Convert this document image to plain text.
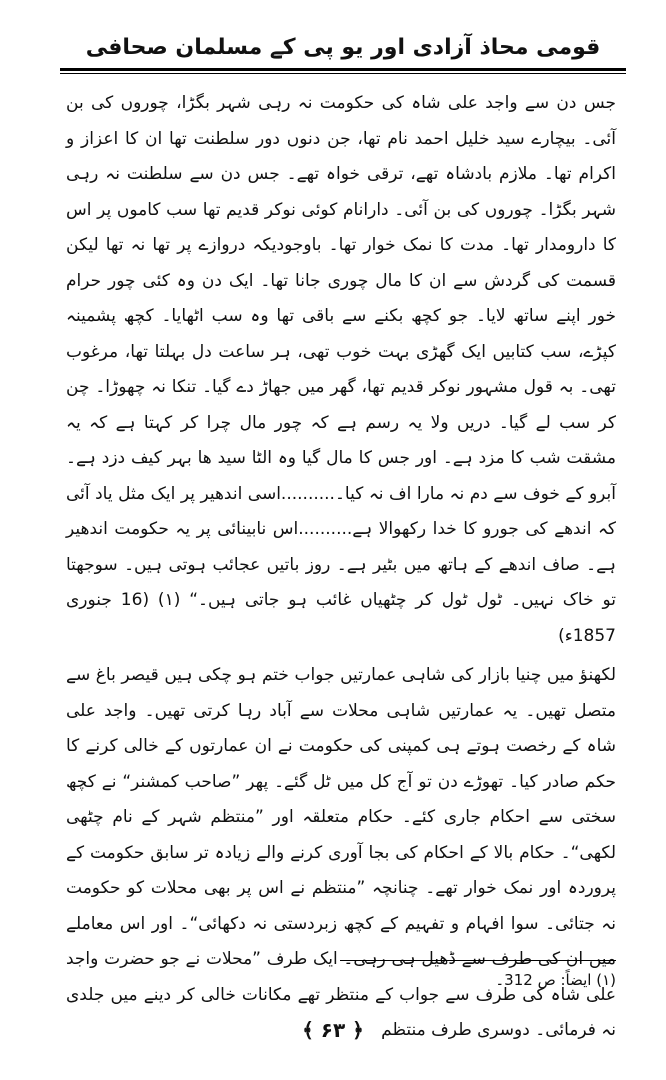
قومی محاذ آزادی اور یو پی کے مسلمان صحافی

جس دن سے واجد علی شاہ کی حکومت نہ رہی شہر بگڑا، چوروں کی بن آئی۔ بیچارے سید خلیل احمد نام تھا، جن دنوں دور سلطنت تھا ان کا اعزاز و اکرام تھا۔ ملازم بادشاہ تھے، ترقی خواہ تھے۔ جس دن سے سلطنت نہ رہی شہر بگڑا۔ چوروں کی بن آئی۔ دارانام کوئی نوکر قدیم تھا سب کاموں پر اس کا دارومدار تھا۔ مدت کا نمک خوار تھا۔ باوجودیکہ دروازے پر تھا نہ تھا لیکن قسمت کی گردش سے ان کا مال چوری جانا تھا۔ ایک دن وہ کئی چور حرام خور اپنے ساتھ لایا۔ جو کچھ بکنے سے باقی تھا وہ سب اٹھایا۔ کچھ پشمینہ کپڑے، سب کتابیں ایک گھڑی بہت خوب تھی، ہر ساعت دل بہلتا تھا، مرغوب تھی۔ بہ قول مشہور نوکر قدیم تھا، گھر میں جھاڑ دے گیا۔ تنکا نہ چھوڑا۔ چن کر سب لے گیا۔ دریں ولا یہ رسم ہے کہ چور مال چرا کر کہتا ہے کہ یہ مشقت شب کا مزد ہے۔ اور جس کا مال گیا وہ الٹا سید ھا بہر کیف دزد ہے۔ آبرو کے خوف سے دم نہ مارا اف نہ کیا۔..........اسی اندھیر پر ایک مثل یاد آئی کہ اندھے کی جورو کا خدا رکھوالا ہے..........اس نابینائی پر یہ حکومت اندھیر ہے۔ صاف اندھے کے ہاتھ میں بٹیر ہے۔ روز باتیں عجائب ہوتی ہیں۔ سوجھتا تو خاک نہیں۔ ٹول ٹول کر چٹھیاں غائب ہو جاتی ہیں۔“ (۱) (16 جنوری 1857ء)

لکھنؤ میں چنیا بازار کی شاہی عمارتیں جواب ختم ہو چکی ہیں قیصر باغ سے متصل تھیں۔ یہ عمارتیں شاہی محلات سے آباد رہا کرتی تھیں۔ واجد علی شاہ کے رخصت ہوتے ہی کمپنی کی حکومت نے ان عمارتوں کے خالی کرنے کا حکم صادر کیا۔ تھوڑے دن تو آج کل میں ٹل گئے۔ پھر ”صاحب کمشنر“ نے کچھ سختی سے احکام جاری کئے۔ حکام متعلقہ اور ”منتظم شہر کے نام چٹھی لکھی“۔ حکام بالا کے احکام کی بجا آوری کرنے والے زیادہ تر سابق حکومت کے پروردہ اور نمک خوار تھے۔ چنانچہ ”منتظم نے اس پر بھی محلات کو حکومت نہ جتائی۔ سوا افہام و تفہیم کے کچھ زبردستی نہ دکھائی“۔ اور اس معاملے میں ان کی طرف سے ڈھیل ہی رہی۔ ایک طرف ”محلات نے جو حضرت واجد علی شاہ کی طرف سے جواب کے منتظر تھے مکانات خالی کر دینے میں جلدی نہ فرمائی۔ دوسری طرف منتظم

(۱) ایضاً: ص 312۔
﴿ ۶۳ ﴾
